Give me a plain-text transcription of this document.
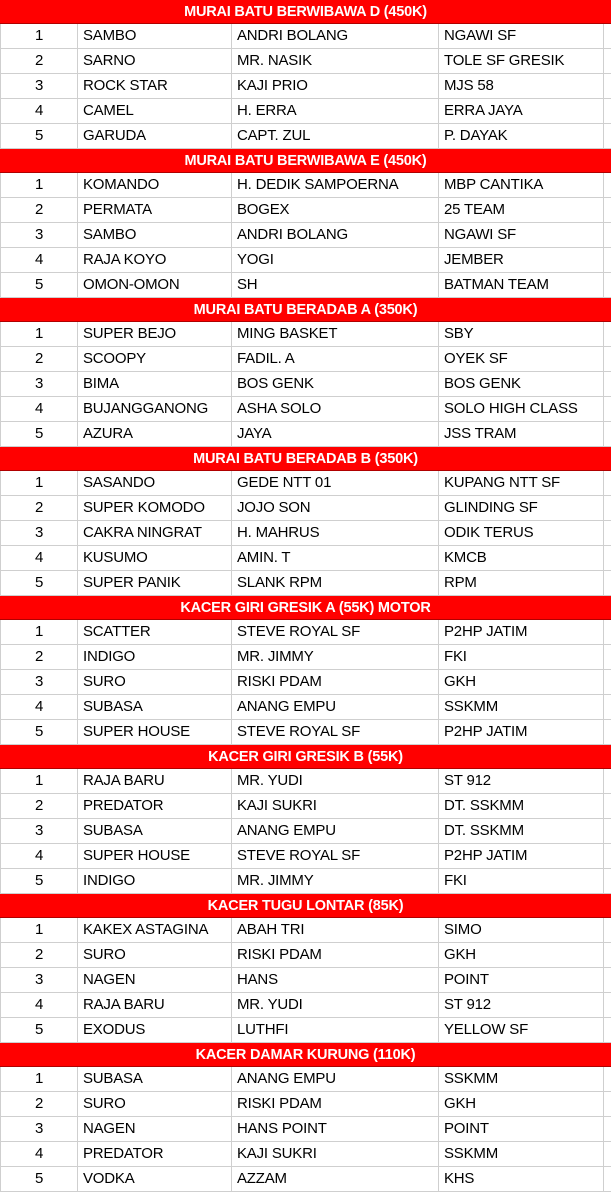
MURAI BATU BERWIBAWA D (450K)
1	SAMBO	ANDRI BOLANG	NGAWI SF
2	SARNO	MR. NASIK	TOLE SF GRESIK
3	ROCK STAR	KAJI PRIO	MJS 58
4	CAMEL	H. ERRA	ERRA JAYA
5	GARUDA	CAPT. ZUL	P. DAYAK
MURAI BATU BERWIBAWA E (450K)
1	KOMANDO	H. DEDIK SAMPOERNA	MBP CANTIKA
2	PERMATA	BOGEX	25 TEAM
3	SAMBO	ANDRI BOLANG	NGAWI SF
4	RAJA KOYO	YOGI	JEMBER
5	OMON-OMON	SH	BATMAN TEAM
MURAI BATU BERADAB A (350K)
1	SUPER BEJO	MING BASKET	SBY
2	SCOOPY	FADIL. A	OYEK SF
3	BIMA	BOS GENK	BOS GENK
4	BUJANGGANONG	ASHA SOLO	SOLO HIGH CLASS
5	AZURA	JAYA	JSS TRAM
MURAI BATU BERADAB B (350K)
1	SASANDO	GEDE NTT 01	KUPANG NTT SF
2	SUPER KOMODO	JOJO SON	GLINDING SF
3	CAKRA NINGRAT	H. MAHRUS	ODIK TERUS
4	KUSUMO	AMIN. T	KMCB
5	SUPER PANIK	SLANK RPM	RPM
KACER GIRI GRESIK A (55K) MOTOR
1	SCATTER	STEVE ROYAL SF	P2HP JATIM
2	INDIGO	MR. JIMMY	FKI
3	SURO	RISKI PDAM	GKH
4	SUBASA	ANANG EMPU	SSKMM
5	SUPER HOUSE	STEVE ROYAL SF	P2HP JATIM
KACER GIRI GRESIK B (55K)
1	RAJA BARU	MR. YUDI	ST 912
2	PREDATOR	KAJI SUKRI	DT. SSKMM
3	SUBASA	ANANG EMPU	DT. SSKMM
4	SUPER HOUSE	STEVE ROYAL SF	P2HP JATIM
5	INDIGO	MR. JIMMY	FKI
KACER TUGU LONTAR (85K)
1	KAKEX ASTAGINA	ABAH TRI	SIMO
2	SURO	RISKI PDAM	GKH
3	NAGEN	HANS	POINT
4	RAJA BARU	MR. YUDI	ST 912
5	EXODUS	LUTHFI	YELLOW SF
KACER DAMAR KURUNG (110K)
1	SUBASA	ANANG EMPU	SSKMM
2	SURO	RISKI PDAM	GKH
3	NAGEN	HANS POINT	POINT
4	PREDATOR	KAJI SUKRI	SSKMM
5	VODKA	AZZAM	KHS
